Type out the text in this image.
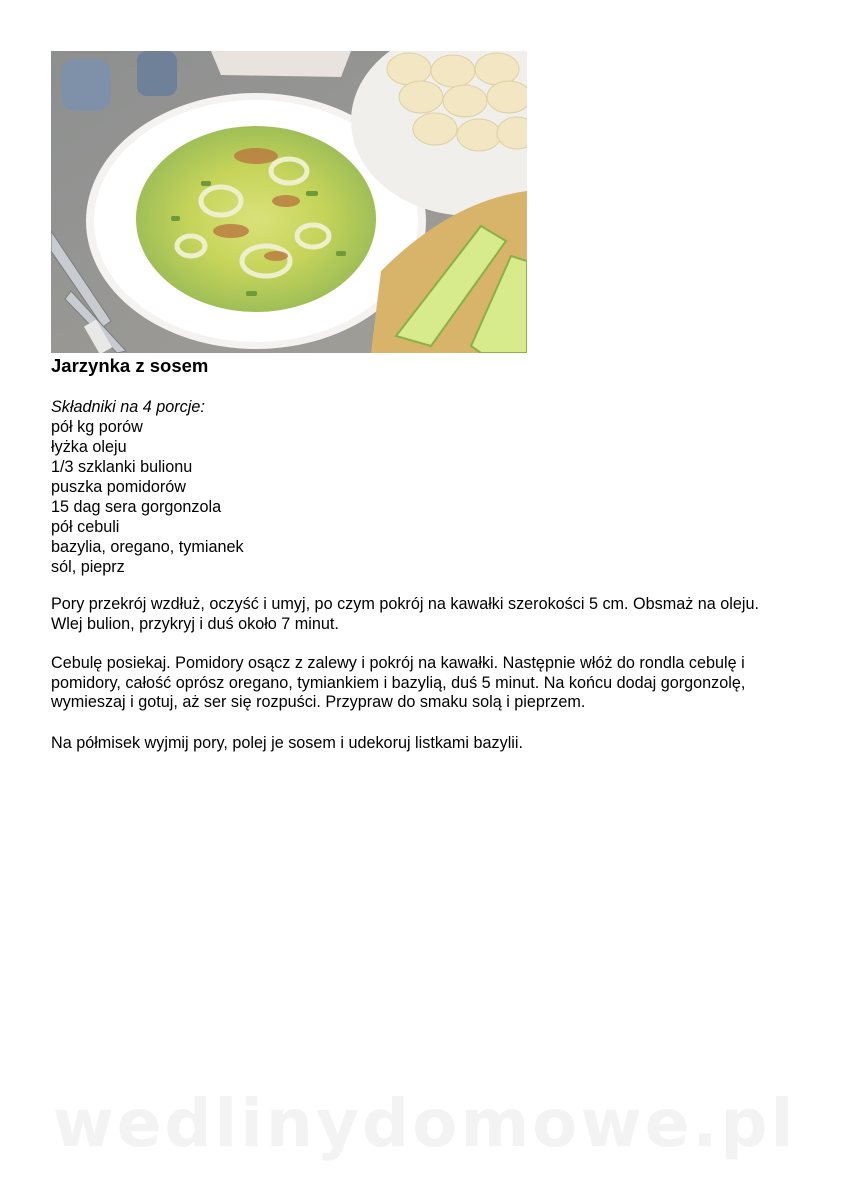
Jarzynka z sosem
Składniki na 4 porcje:
pół kg porów
łyżka oleju
1/3 szklanki bulionu
puszka pomidorów
15 dag sera gorgonzola
pół cebuli
bazylia, oregano, tymianek
sól, pieprz

Pory przekrój wzdłuż, oczyść i umyj, po czym pokrój na kawałki szerokości 5 cm. Obsmaż na oleju. Wlej bulion, przykryj i duś około 7 minut.

Cebulę posiekaj. Pomidory osącz z zalewy i pokrój na kawałki. Następnie włóż do rondla cebulę i pomidory, całość oprósz oregano, tymiankiem i bazylią, duś 5 minut. Na końcu dodaj gorgonzolę, wymieszaj i gotuj, aż ser się rozpuści. Przypraw do smaku solą i pieprzem.

Na półmisek wyjmij pory, polej je sosem i udekoruj listkami bazylii.

wedlinydomowe.pl
